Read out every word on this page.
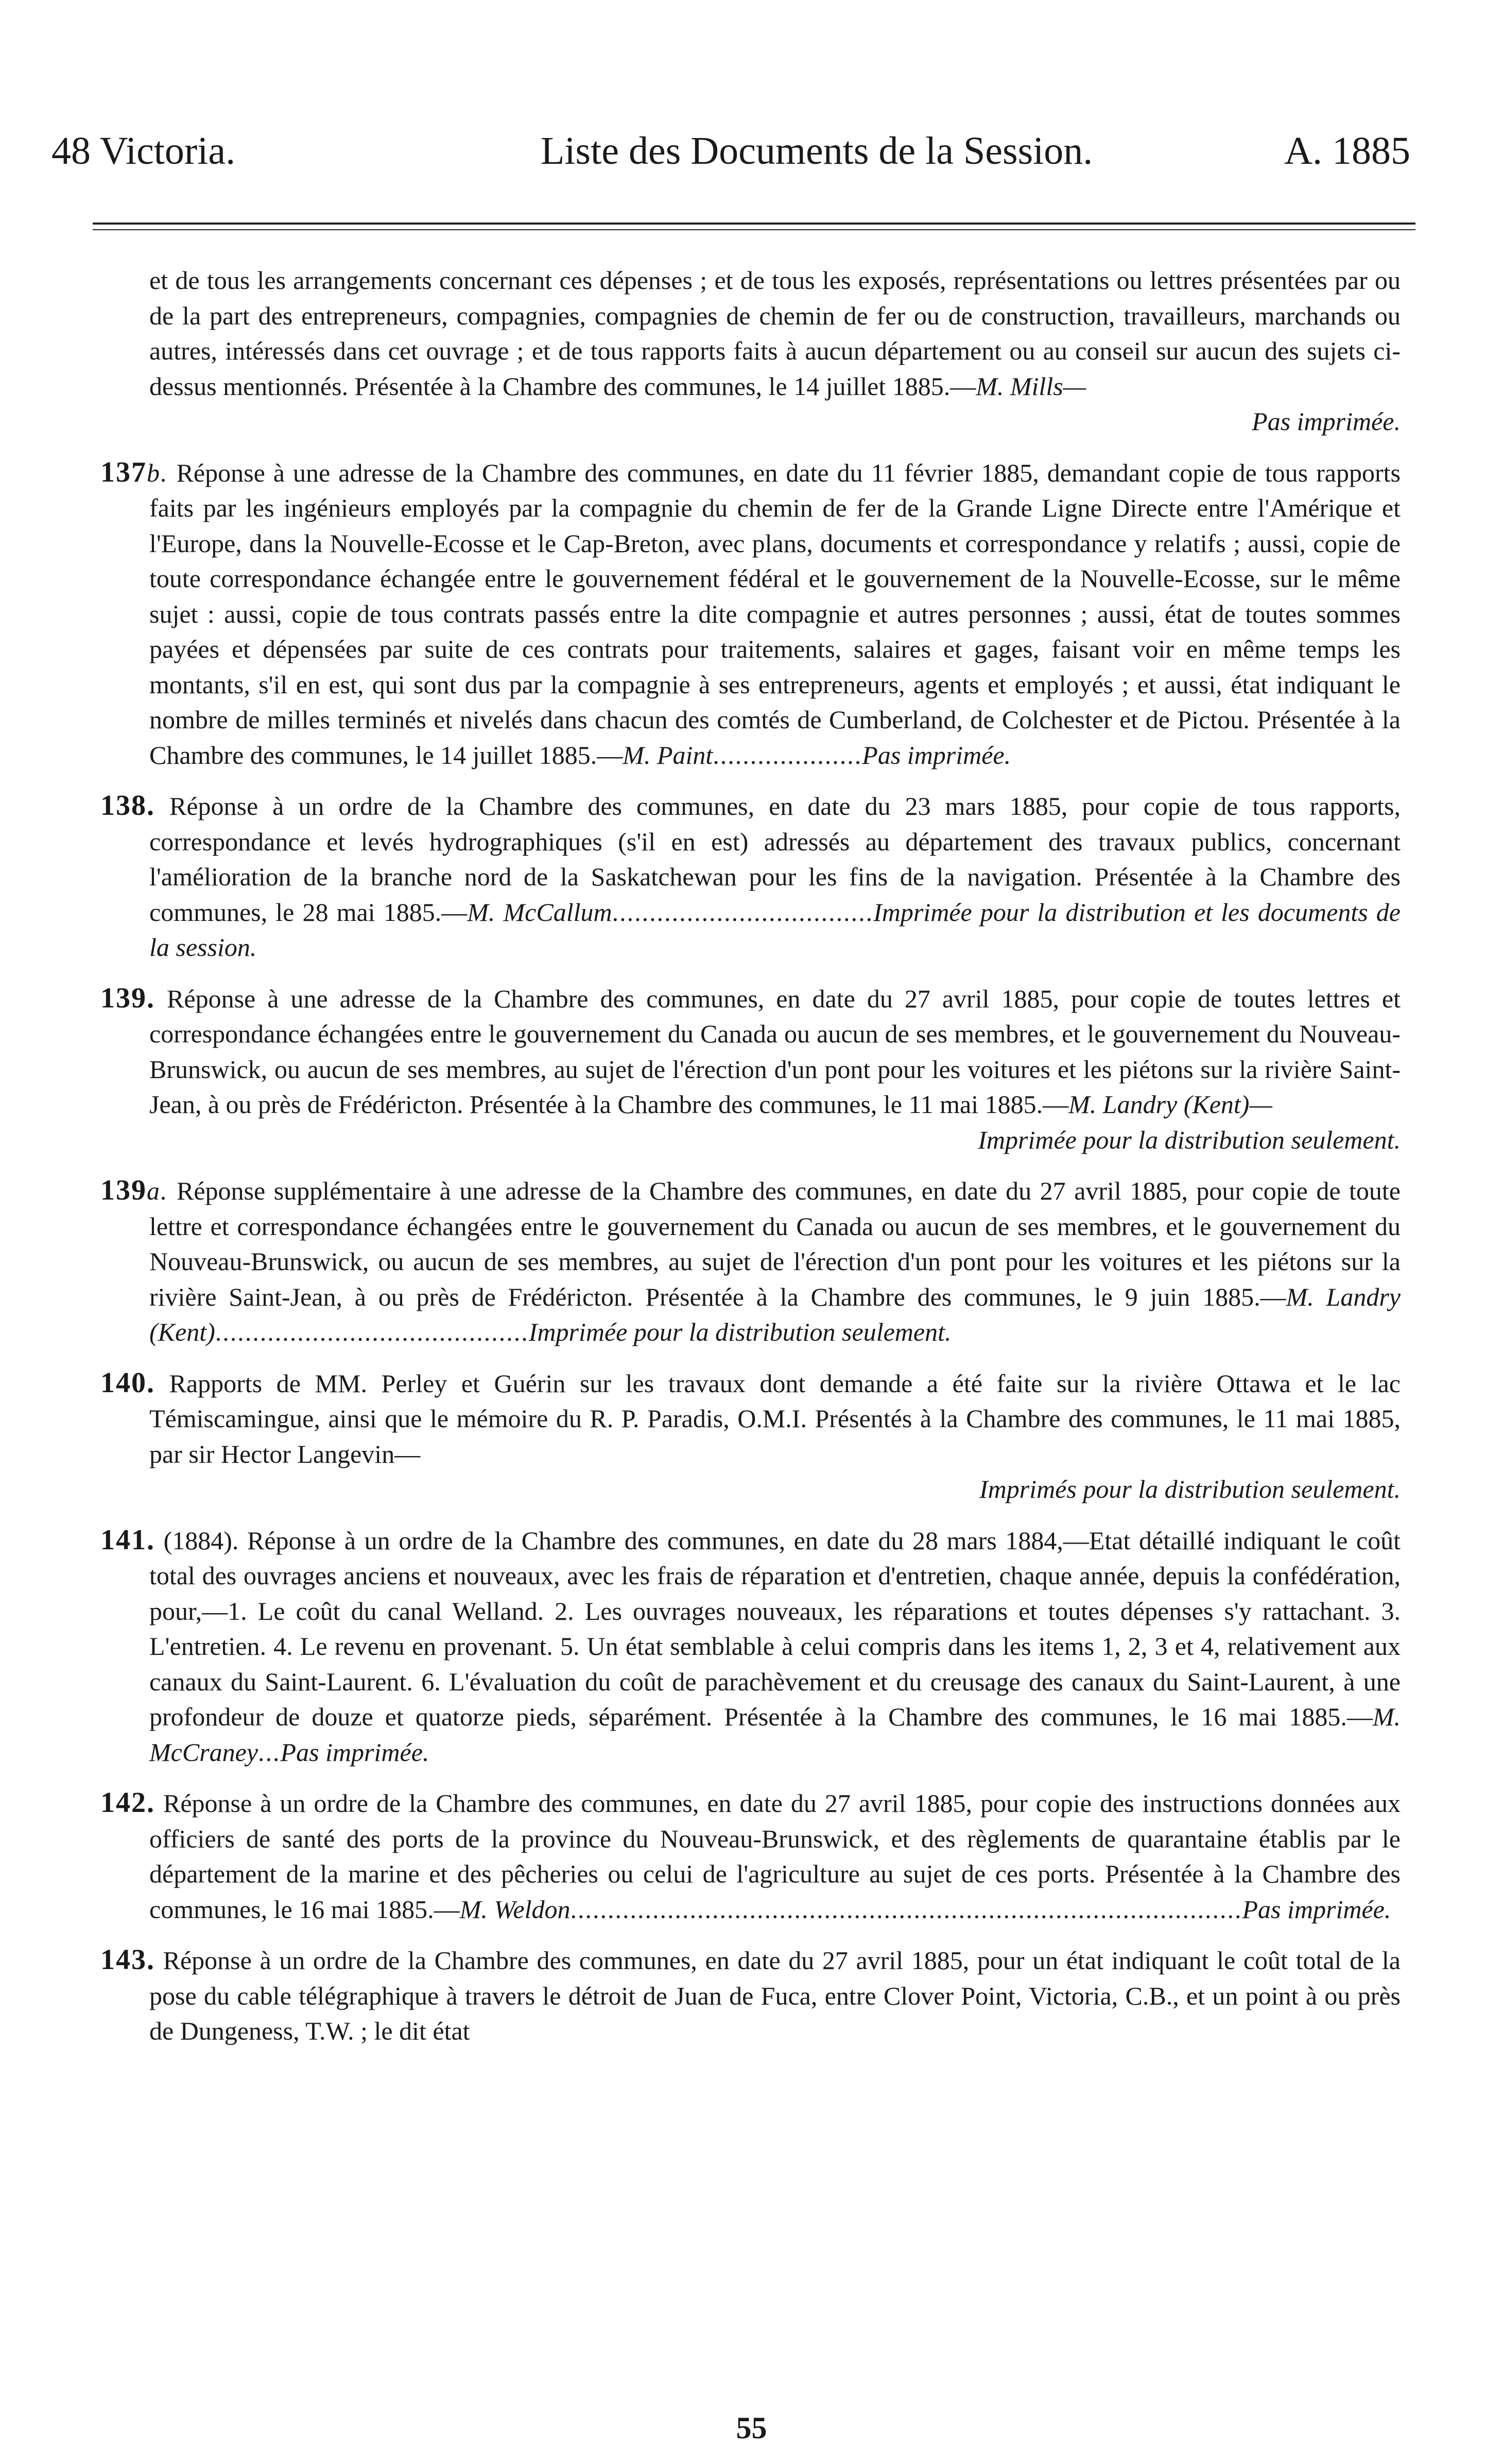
48 Victoria.	Liste des Documents de la Session.	A. 1885

et de tous les arrangements concernant ces dépenses ; et de tous les exposés, représentations ou lettres présentées par ou de la part des entrepreneurs, compagnies, compagnies de chemin de fer ou de construction, travailleurs, marchands ou autres, intéressés dans cet ouvrage ; et de tous rapports faits à aucun département ou au conseil sur aucun des sujets ci-dessus mentionnés. Présentée à la Chambre des communes, le 14 juillet 1885.—M. Mills—
Pas imprimée.

137b. Réponse à une adresse de la Chambre des communes, en date du 11 février 1885, demandant copie de tous rapports faits par les ingénieurs employés par la compagnie du chemin de fer de la Grande Ligne Directe entre l'Amérique et l'Europe, dans la Nouvelle-Ecosse et le Cap-Breton, avec plans, documents et correspondance y relatifs ; aussi, copie de toute correspondance échangée entre le gouvernement fédéral et le gouvernement de la Nouvelle-Ecosse, sur le même sujet : aussi, copie de tous contrats passés entre la dite compagnie et autres personnes ; aussi, état de toutes sommes payées et dépensées par suite de ces contrats pour traitements, salaires et gages, faisant voir en même temps les montants, s'il en est, qui sont dus par la compagnie à ses entrepreneurs, agents et employés ; et aussi, état indiquant le nombre de milles terminés et nivelés dans chacun des comtés de Cumberland, de Colchester et de Pictou. Présentée à la Chambre des communes, le 14 juillet 1885.—M. Paint....................Pas imprimée.

138. Réponse à un ordre de la Chambre des communes, en date du 23 mars 1885, pour copie de tous rapports, correspondance et levés hydrographiques (s'il en est) adressés au département des travaux publics, concernant l'amélioration de la branche nord de la Saskatchewan pour les fins de la navigation. Présentée à la Chambre des communes, le 28 mai 1885.—M. McCallum...................................Imprimée pour la distribution et les documents de la session.

139. Réponse à une adresse de la Chambre des communes, en date du 27 avril 1885, pour copie de toutes lettres et correspondance échangées entre le gouvernement du Canada ou aucun de ses membres, et le gouvernement du Nouveau-Brunswick, ou aucun de ses membres, au sujet de l'érection d'un pont pour les voitures et les piétons sur la rivière Saint-Jean, à ou près de Frédéricton. Présentée à la Chambre des communes, le 11 mai 1885.—M. Landry (Kent)—
Imprimée pour la distribution seulement.

139a. Réponse supplémentaire à une adresse de la Chambre des communes, en date du 27 avril 1885, pour copie de toute lettre et correspondance échangées entre le gouvernement du Canada ou aucun de ses membres, et le gouvernement du Nouveau-Brunswick, ou aucun de ses membres, au sujet de l'érection d'un pont pour les voitures et les piétons sur la rivière Saint-Jean, à ou près de Frédéricton. Présentée à la Chambre des communes, le 9 juin 1885.—M. Landry (Kent)..........................................Imprimée pour la distribution seulement.

140. Rapports de MM. Perley et Guérin sur les travaux dont demande a été faite sur la rivière Ottawa et le lac Témiscamingue, ainsi que le mémoire du R. P. Paradis, O.M.I. Présentés à la Chambre des communes, le 11 mai 1885, par sir Hector Langevin—
Imprimés pour la distribution seulement.

141. (1884). Réponse à un ordre de la Chambre des communes, en date du 28 mars 1884,—Etat détaillé indiquant le coût total des ouvrages anciens et nouveaux, avec les frais de réparation et d'entretien, chaque année, depuis la confédération, pour,—1. Le coût du canal Welland. 2. Les ouvrages nouveaux, les réparations et toutes dépenses s'y rattachant. 3. L'entretien. 4. Le revenu en provenant. 5. Un état semblable à celui compris dans les items 1, 2, 3 et 4, relativement aux canaux du Saint-Laurent. 6. L'évaluation du coût de parachèvement et du creusage des canaux du Saint-Laurent, à une profondeur de douze et quatorze pieds, séparément. Présentée à la Chambre des communes, le 16 mai 1885.—M. McCraney...Pas imprimée.

142. Réponse à un ordre de la Chambre des communes, en date du 27 avril 1885, pour copie des instructions données aux officiers de santé des ports de la province du Nouveau-Brunswick, et des règlements de quarantaine établis par le département de la marine et des pêcheries ou celui de l'agriculture au sujet de ces ports. Présentée à la Chambre des communes, le 16 mai 1885.—M. Weldon..........................................................................................Pas imprimée.

143. Réponse à un ordre de la Chambre des communes, en date du 27 avril 1885, pour un état indiquant le coût total de la pose du cable télégraphique à travers le détroit de Juan de Fuca, entre Clover Point, Victoria, C.B., et un point à ou près de Dungeness, T.W. ; le dit état

55
